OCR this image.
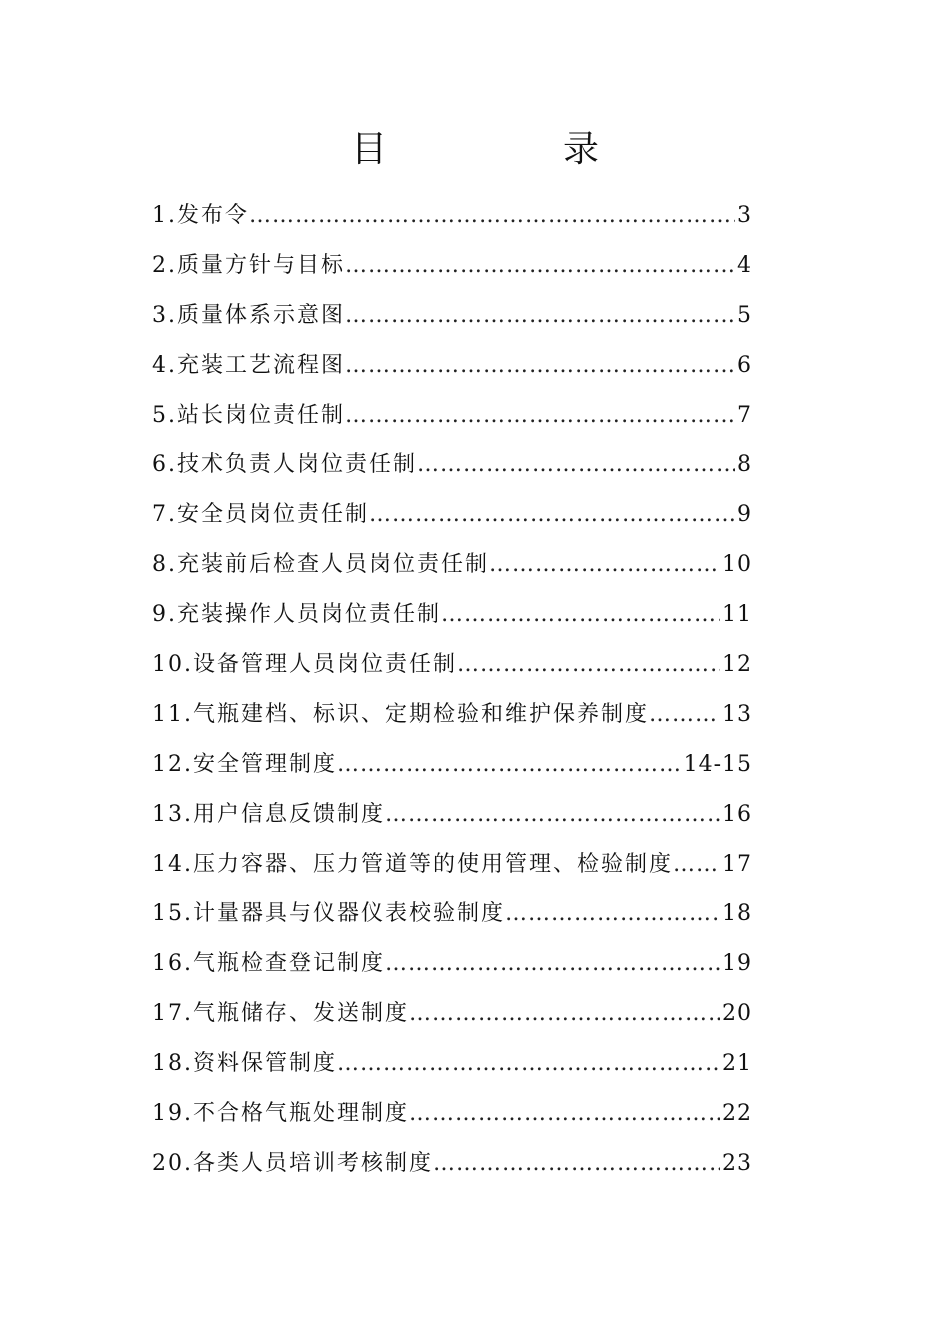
目　录
1.发布令 ………………………………………………………………………………………………………………	3
2.质量方针与目标 ………………………………………………………………………………………………………………	4
3.质量体系示意图 ………………………………………………………………………………………………………………	5
4.充装工艺流程图 ………………………………………………………………………………………………………………	6
5.站长岗位责任制 ………………………………………………………………………………………………………………	7
6.技术负责人岗位责任制 ………………………………………………………………………………………………………………	8
7.安全员岗位责任制 ………………………………………………………………………………………………………………	9
8.充装前后检查人员岗位责任制 ………………………………………………………………………………………………………………	10
9.充装操作人员岗位责任制 ………………………………………………………………………………………………………………	11
10.设备管理人员岗位责任制 ………………………………………………………………………………………………………………	12
11.气瓶建档、标识、定期检验和维护保养制度 ………………………………………………………………………………………………………………	13
12.安全管理制度 ………………………………………………………………………………………………………………	14-15
13.用户信息反馈制度 ………………………………………………………………………………………………………………	16
14.压力容器、压力管道等的使用管理、检验制度 ……………………………………………………………………………………………………………… 17
15.计量器具与仪器仪表校验制度 ………………………………………………………………………………………………………………	18
16.气瓶检查登记制度 ………………………………………………………………………………………………………………	19
17.气瓶储存、发送制度 ………………………………………………………………………………………………………………	20
18.资料保管制度 ………………………………………………………………………………………………………………	21
19.不合格气瓶处理制度 ………………………………………………………………………………………………………………	22
20.各类人员培训考核制度 ………………………………………………………………………………………………………………	23
